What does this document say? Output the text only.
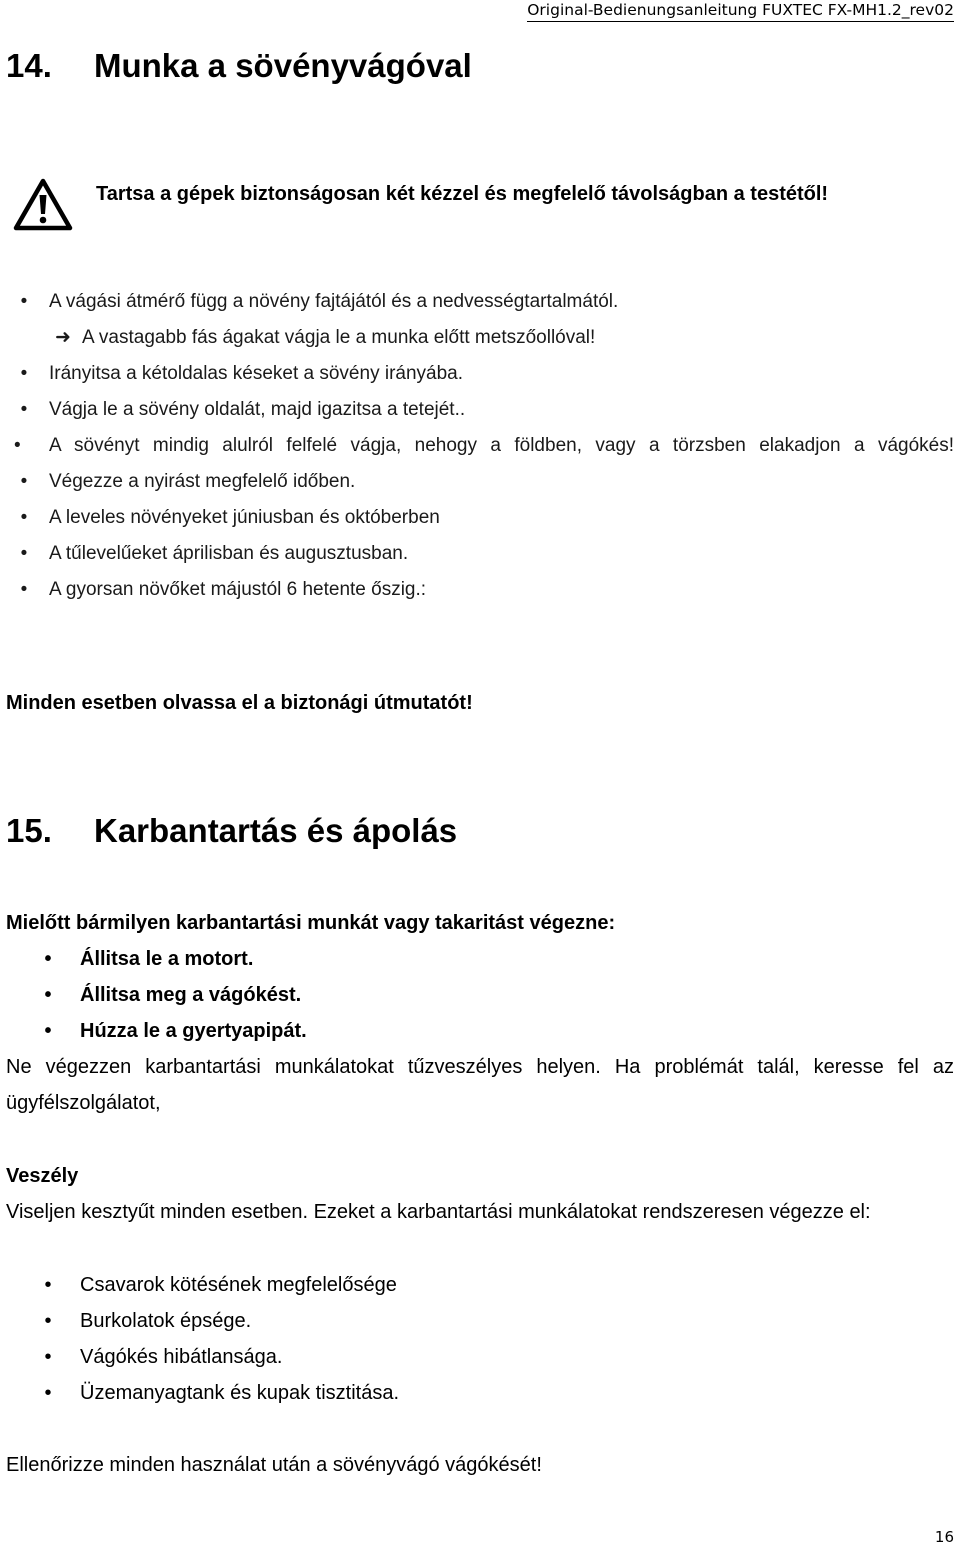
Original-Bedienungsanleitung FUXTEC FX-MH1.2_rev02
14. Munka a sövényvágóval
Tartsa a gépek biztonságosan két kézzel és megfelelő távolságban a testétől!
•	A vágási átmérő függ a növény fajtájától és a nedvességtartalmától.
➜ A vastagabb fás ágakat vágja le a munka előtt metszőollóval!
•	Irányitsa a kétoldalas késeket a sövény irányába.
•	Vágja le a sövény oldalát, majd igazitsa a tetejét..
•	A sövényt mindig alulról felfelé vágja, nehogy a földben, vagy a törzsben elakadjon a vágókés!
•	Végezze a nyirást megfelelő időben.
•	A leveles növényeket júniusban és októberben
•	A tűlevelűeket áprilisban és augusztusban.
•	A gyorsan növőket májustól 6 hetente őszig.:
Minden esetben olvassa el a biztonági útmutatót!
15. Karbantartás és ápolás
Mielőtt bármilyen karbantartási munkát vagy takaritást végezne:
•	Állitsa le a motort.
•	Állitsa meg a vágókést.
•	Húzza le a gyertyapipát.
Ne végezzen karbantartási munkálatokat tűzveszélyes helyen. Ha problémát talál, keresse fel az ügyfélszolgálatot,
Veszély
Viseljen kesztyűt minden esetben. Ezeket a karbantartási munkálatokat rendszeresen végezze el:
•	Csavarok kötésének megfelelősége
•	Burkolatok épsége.
•	Vágókés hibátlansága.
•	Üzemanyagtank és kupak tisztitása.
Ellenőrizze minden használat után a sövényvágó vágókését!
16
